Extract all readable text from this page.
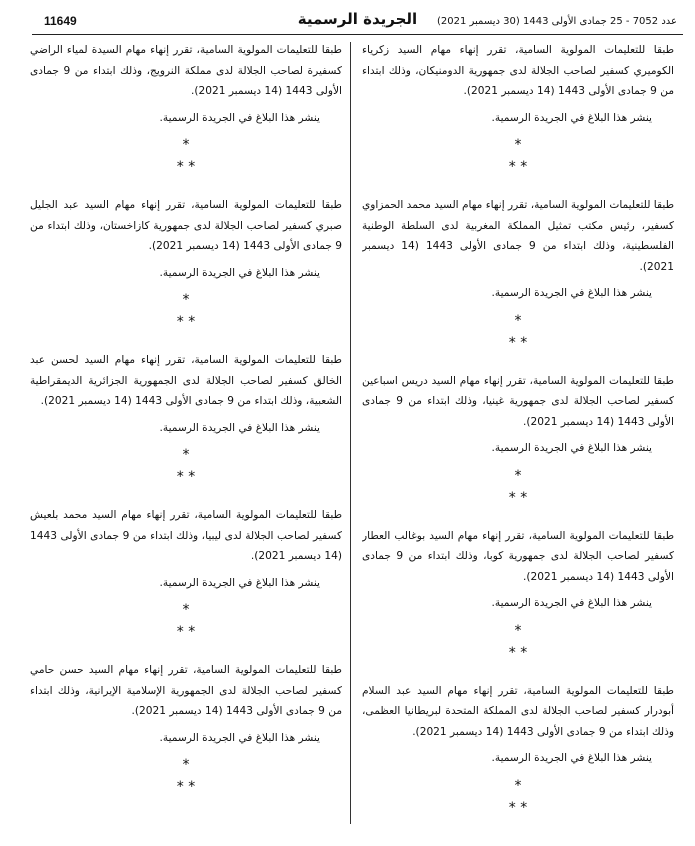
11649	الجريدة الرسمية	عدد 7052 - 25 جمادى الأولى 1443 (30 ديسمبر 2021)

طبقا للتعليمات المولوية السامية، تقرر إنهاء مهام السيد زكرياء الكوميري كسفير لصاحب الجلالة لدى جمهورية الدومنيكان، وذلك ابتداء من 9 جمادى الأولى 1443 (14 ديسمبر 2021).

ينشر هذا البلاغ في الجريدة الرسمية.

*
* *

طبقا للتعليمات المولوية السامية، تقرر إنهاء مهام السيد محمد الحمزاوي كسفير، رئيس مكتب تمثيل المملكة المغربية لدى السلطة الوطنية الفلسطينية، وذلك ابتداء من 9 جمادى الأولى 1443 (14 ديسمبر 2021).

ينشر هذا البلاغ في الجريدة الرسمية.

*
* *

طبقا للتعليمات المولوية السامية، تقرر إنهاء مهام السيد دريس اسباعين كسفير لصاحب الجلالة لدى جمهورية غينيا، وذلك ابتداء من 9 جمادى الأولى 1443 (14 ديسمبر 2021).

ينشر هذا البلاغ في الجريدة الرسمية.

*
* *

طبقا للتعليمات المولوية السامية، تقرر إنهاء مهام السيد بوغالب العطار كسفير لصاحب الجلالة لدى جمهورية كوبا، وذلك ابتداء من 9 جمادى الأولى 1443 (14 ديسمبر 2021).

ينشر هذا البلاغ في الجريدة الرسمية.

*
* *

طبقا للتعليمات المولوية السامية، تقرر إنهاء مهام السيد عبد السلام أبودرار كسفير لصاحب الجلالة لدى المملكة المتحدة لبريطانيا العظمى، وذلك ابتداء من 9 جمادى الأولى 1443 (14 ديسمبر 2021).

ينشر هذا البلاغ في الجريدة الرسمية.

*
* *

طبقا للتعليمات المولوية السامية، تقرر إنهاء مهام السيدة لمياء الراضي كسفيرة لصاحب الجلالة لدى مملكة النرويج، وذلك ابتداء من 9 جمادى الأولى 1443 (14 ديسمبر 2021).

ينشر هذا البلاغ في الجريدة الرسمية.

*
* *

طبقا للتعليمات المولوية السامية، تقرر إنهاء مهام السيد عبد الجليل صبري كسفير لصاحب الجلالة لدى جمهورية كازاخستان، وذلك ابتداء من 9 جمادى الأولى 1443 (14 ديسمبر 2021).

ينشر هذا البلاغ في الجريدة الرسمية.

*
* *

طبقا للتعليمات المولوية السامية، تقرر إنهاء مهام السيد لحسن عبد الخالق كسفير لصاحب الجلالة لدى الجمهورية الجزائرية الديمقراطية الشعبية، وذلك ابتداء من 9 جمادى الأولى 1443 (14 ديسمبر 2021).

ينشر هذا البلاغ في الجريدة الرسمية.

*
* *

طبقا للتعليمات المولوية السامية، تقرر إنهاء مهام السيد محمد بلعيش كسفير لصاحب الجلالة لدى ليبيا، وذلك ابتداء من 9 جمادى الأولى 1443 (14 ديسمبر 2021).

ينشر هذا البلاغ في الجريدة الرسمية.

*
* *

طبقا للتعليمات المولوية السامية، تقرر إنهاء مهام السيد حسن حامي كسفير لصاحب الجلالة لدى الجمهورية الإسلامية الإيرانية، وذلك ابتداء من 9 جمادى الأولى 1443 (14 ديسمبر 2021).

ينشر هذا البلاغ في الجريدة الرسمية.

*
* *
